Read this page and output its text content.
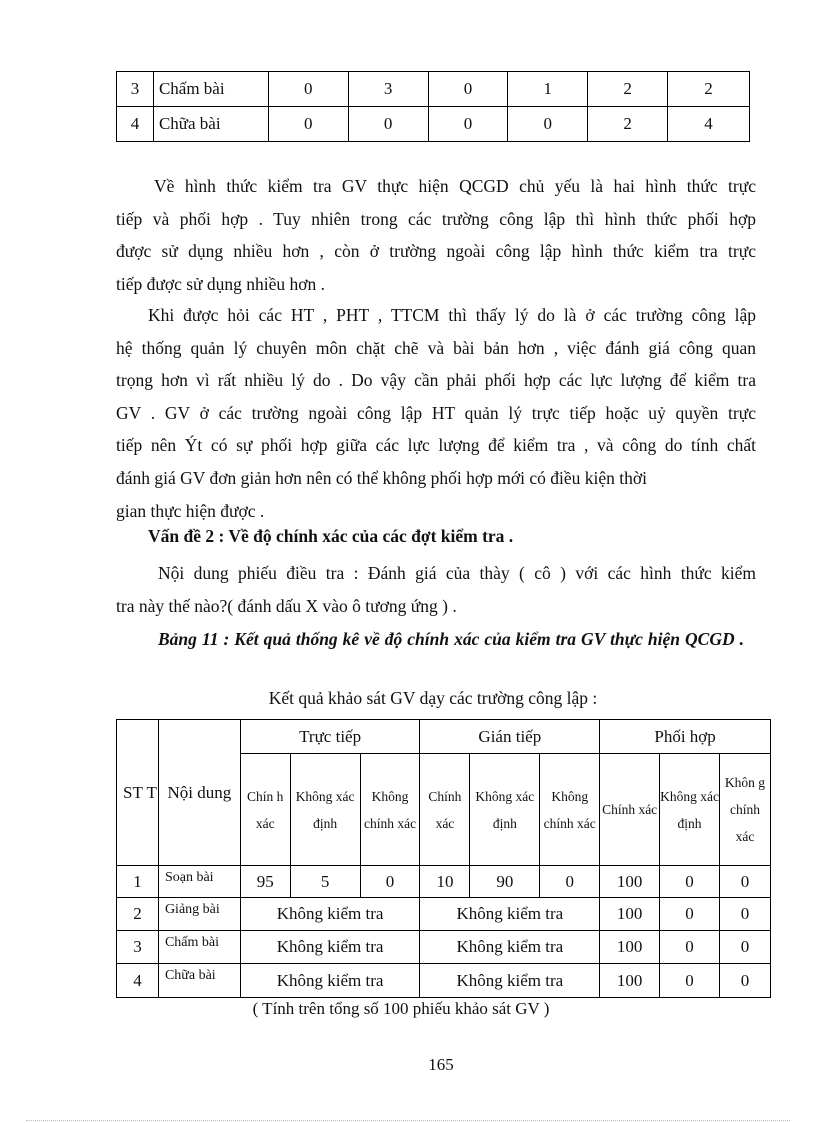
3	Chấm bài	0	3	0	1	2	2
4	Chữa bài	0	0	0	0	2	4
Về hình thức kiểm tra GV thực hiện QCGD chủ yếu là hai hình thức trực
tiếp và phối hợp . Tuy nhiên trong các trường công lập thì hình thức phối hợp
được sử dụng nhiều hơn , còn ở trường ngoài công lập hình thức kiểm tra trực
tiếp được sử dụng nhiều hơn .
Khi được hỏi các HT , PHT , TTCM thì thấy lý do là ở các trường công lập
hệ thống quản lý chuyên môn chặt chẽ và bài bản hơn , việc đánh giá công quan
trọng hơn vì rất nhiều lý do . Do vậy cần phải phối hợp các lực lượng để kiểm tra
GV . GV ở các trường ngoài công lập HT quản lý trực tiếp hoặc uỷ quyền trực
tiếp nên Ýt có sự phối hợp giữa các lực lượng để kiểm tra , và công do tính chất
đánh giá GV đơn giản hơn nên có thể không phối hợp mới có điều kiện thời
gian thực hiện được .
Vấn đề 2 : Về độ chính xác của các đợt kiểm tra .
Nội dung phiếu điều tra : Đánh giá của thày ( cô ) với các hình thức kiểm
tra này thế nào?( đánh dấu X vào ô tương ứng ) .
Bảng 11 : Kết quả thống kê về độ chính xác của kiểm tra GV thực hiện QCGD .
Kết quả khảo sát GV dạy các trường công lập :
ST T	Nội dung	Trực tiếp			Gián tiếp			Phối hợp		
		Chín h xác	Không xác định	Không chính xác	Chính xác	Không xác định	Không chính xác	Chính xác	Không xác định	Khôn g chính xác
1	Soạn bài	95	5	0	10	90	0	100	0	0
2	Giảng bài	Không kiểm tra			Không kiểm tra			100	0	0
3	Chấm bài	Không kiểm tra			Không kiểm tra			100	0	0
4	Chữa bài	Không kiểm tra			Không kiểm tra			100	0	0
( Tính trên tổng số 100 phiếu khảo sát GV )
165
